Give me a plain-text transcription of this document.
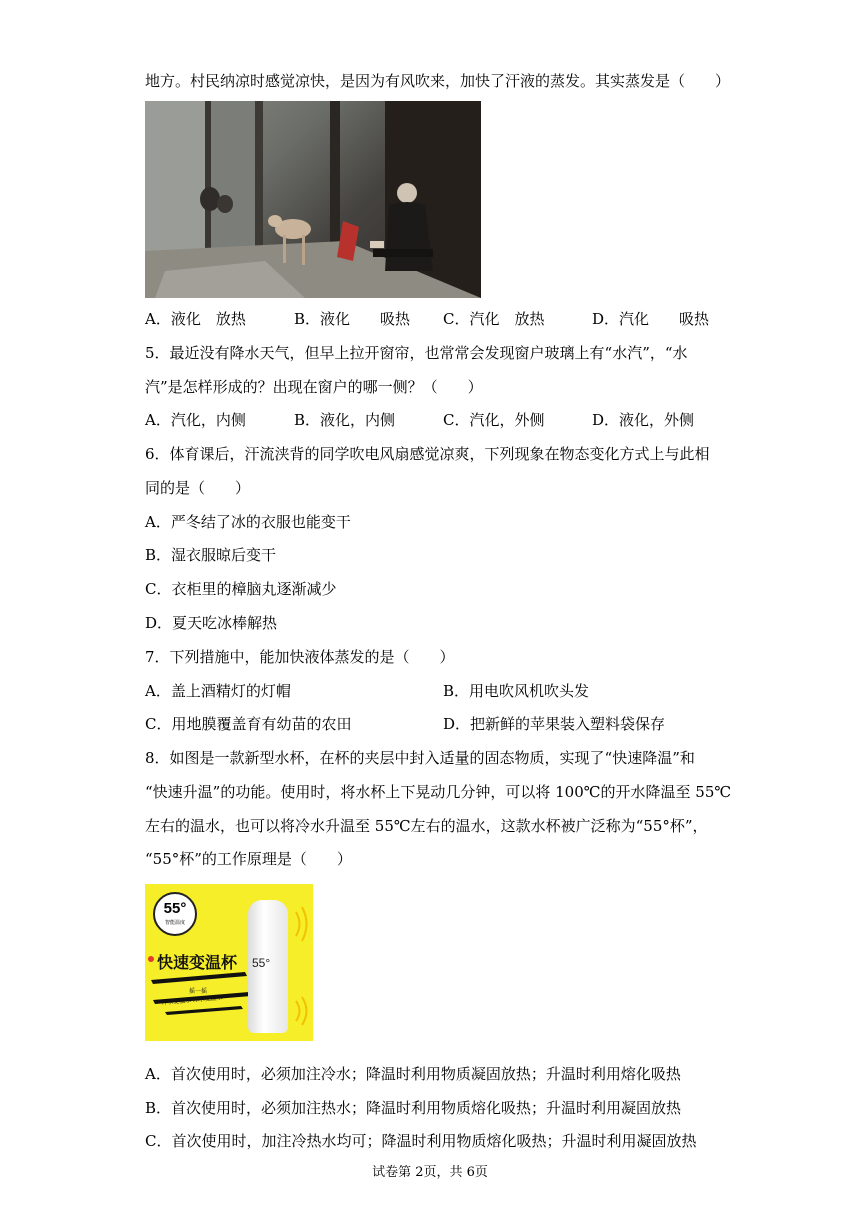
地方。村民纳凉时感觉凉快，是因为有风吹来，加快了汗液的蒸发。其实蒸发是（　　）
A．液化　放热	B．液化　　吸热 C．汽化　放热	D．汽化　　吸热
5．最近没有降水天气，但早上拉开窗帘，也常常会发现窗户玻璃上有“水汽”，“水
汽”是怎样形成的？出现在窗户的哪一侧？（　　）
A．汽化，内侧	B．液化，内侧	C．汽化，外侧	D．液化，外侧
6．体育课后，汗流浃背的同学吹电风扇感觉凉爽，下列现象在物态变化方式上与此相
同的是（　　）
A．严冬结了冰的衣服也能变干
B．湿衣服晾后变干
C．衣柜里的樟脑丸逐渐减少
D．夏天吃冰棒解热
7．下列措施中，能加快液体蒸发的是（　　）
A．盖上酒精灯的灯帽	B．用电吹风机吹头发
C．用地膜覆盖育有幼苗的农田	D．把新鲜的苹果装入塑料袋保存
8．如图是一款新型水杯，在杯的夹层中封入适量的固态物质，实现了“快速降温”和
“快速升温”的功能。使用时，将水杯上下晃动几分钟，可以将 100℃的开水降温至 55℃
左右的温水，也可以将冷水升温至 55℃左右的温水，这款水杯被广泛称为“55°杯”，
“55°杯”的工作原理是（　　）
55°
智能温度
快速变温杯
摇一摇
开水变温水 冰水变温水
55°
A．首次使用时，必须加注冷水；降温时利用物质凝固放热；升温时利用熔化吸热
B．首次使用时，必须加注热水；降温时利用物质熔化吸热；升温时利用凝固放热
C．首次使用时，加注冷热水均可；降温时利用物质熔化吸热；升温时利用凝固放热
试卷第 2页，共 6页
